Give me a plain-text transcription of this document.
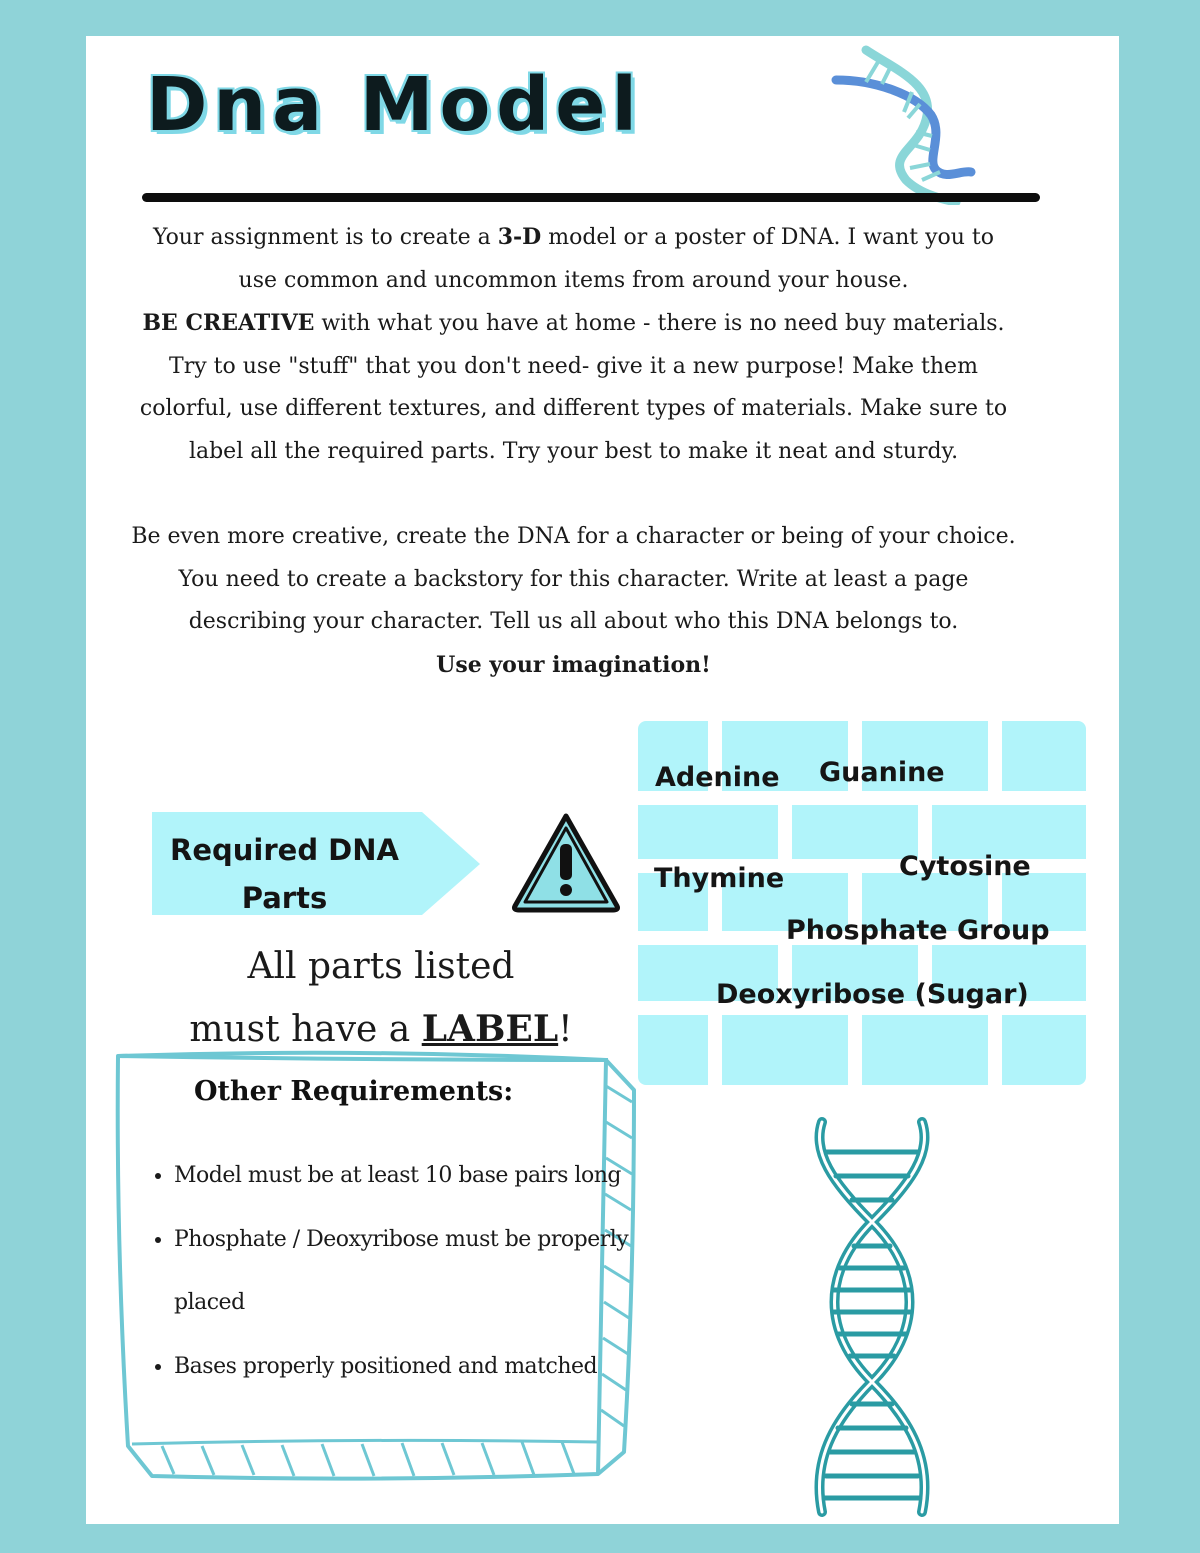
Dna Model

Your assignment is to create a 3-D model or a poster of DNA. I want you to

use common and uncommon items from around your house.

BE CREATIVE with what you have at home - there is no need buy materials.

Try to use "stuff" that you don't need- give it a new purpose! Make them

colorful, use different textures, and different types of materials. Make sure to

label all the required parts. Try your best to make it neat and sturdy.

Be even more creative, create the DNA for a character or being of your choice.

You need to create a backstory for this character. Write at least a page

describing your character. Tell us all about who this DNA belongs to.

Use your imagination!

Required DNA
Parts
All parts listed
must have a LABEL!
Adenine Guanine
Thymine	Cytosine
Phosphate Group
Deoxyribose (Sugar)
Other Requirements:
• Model must be at least 10 base pairs long
• Phosphate / Deoxyribose must be properly placed
• Bases properly positioned and matched
